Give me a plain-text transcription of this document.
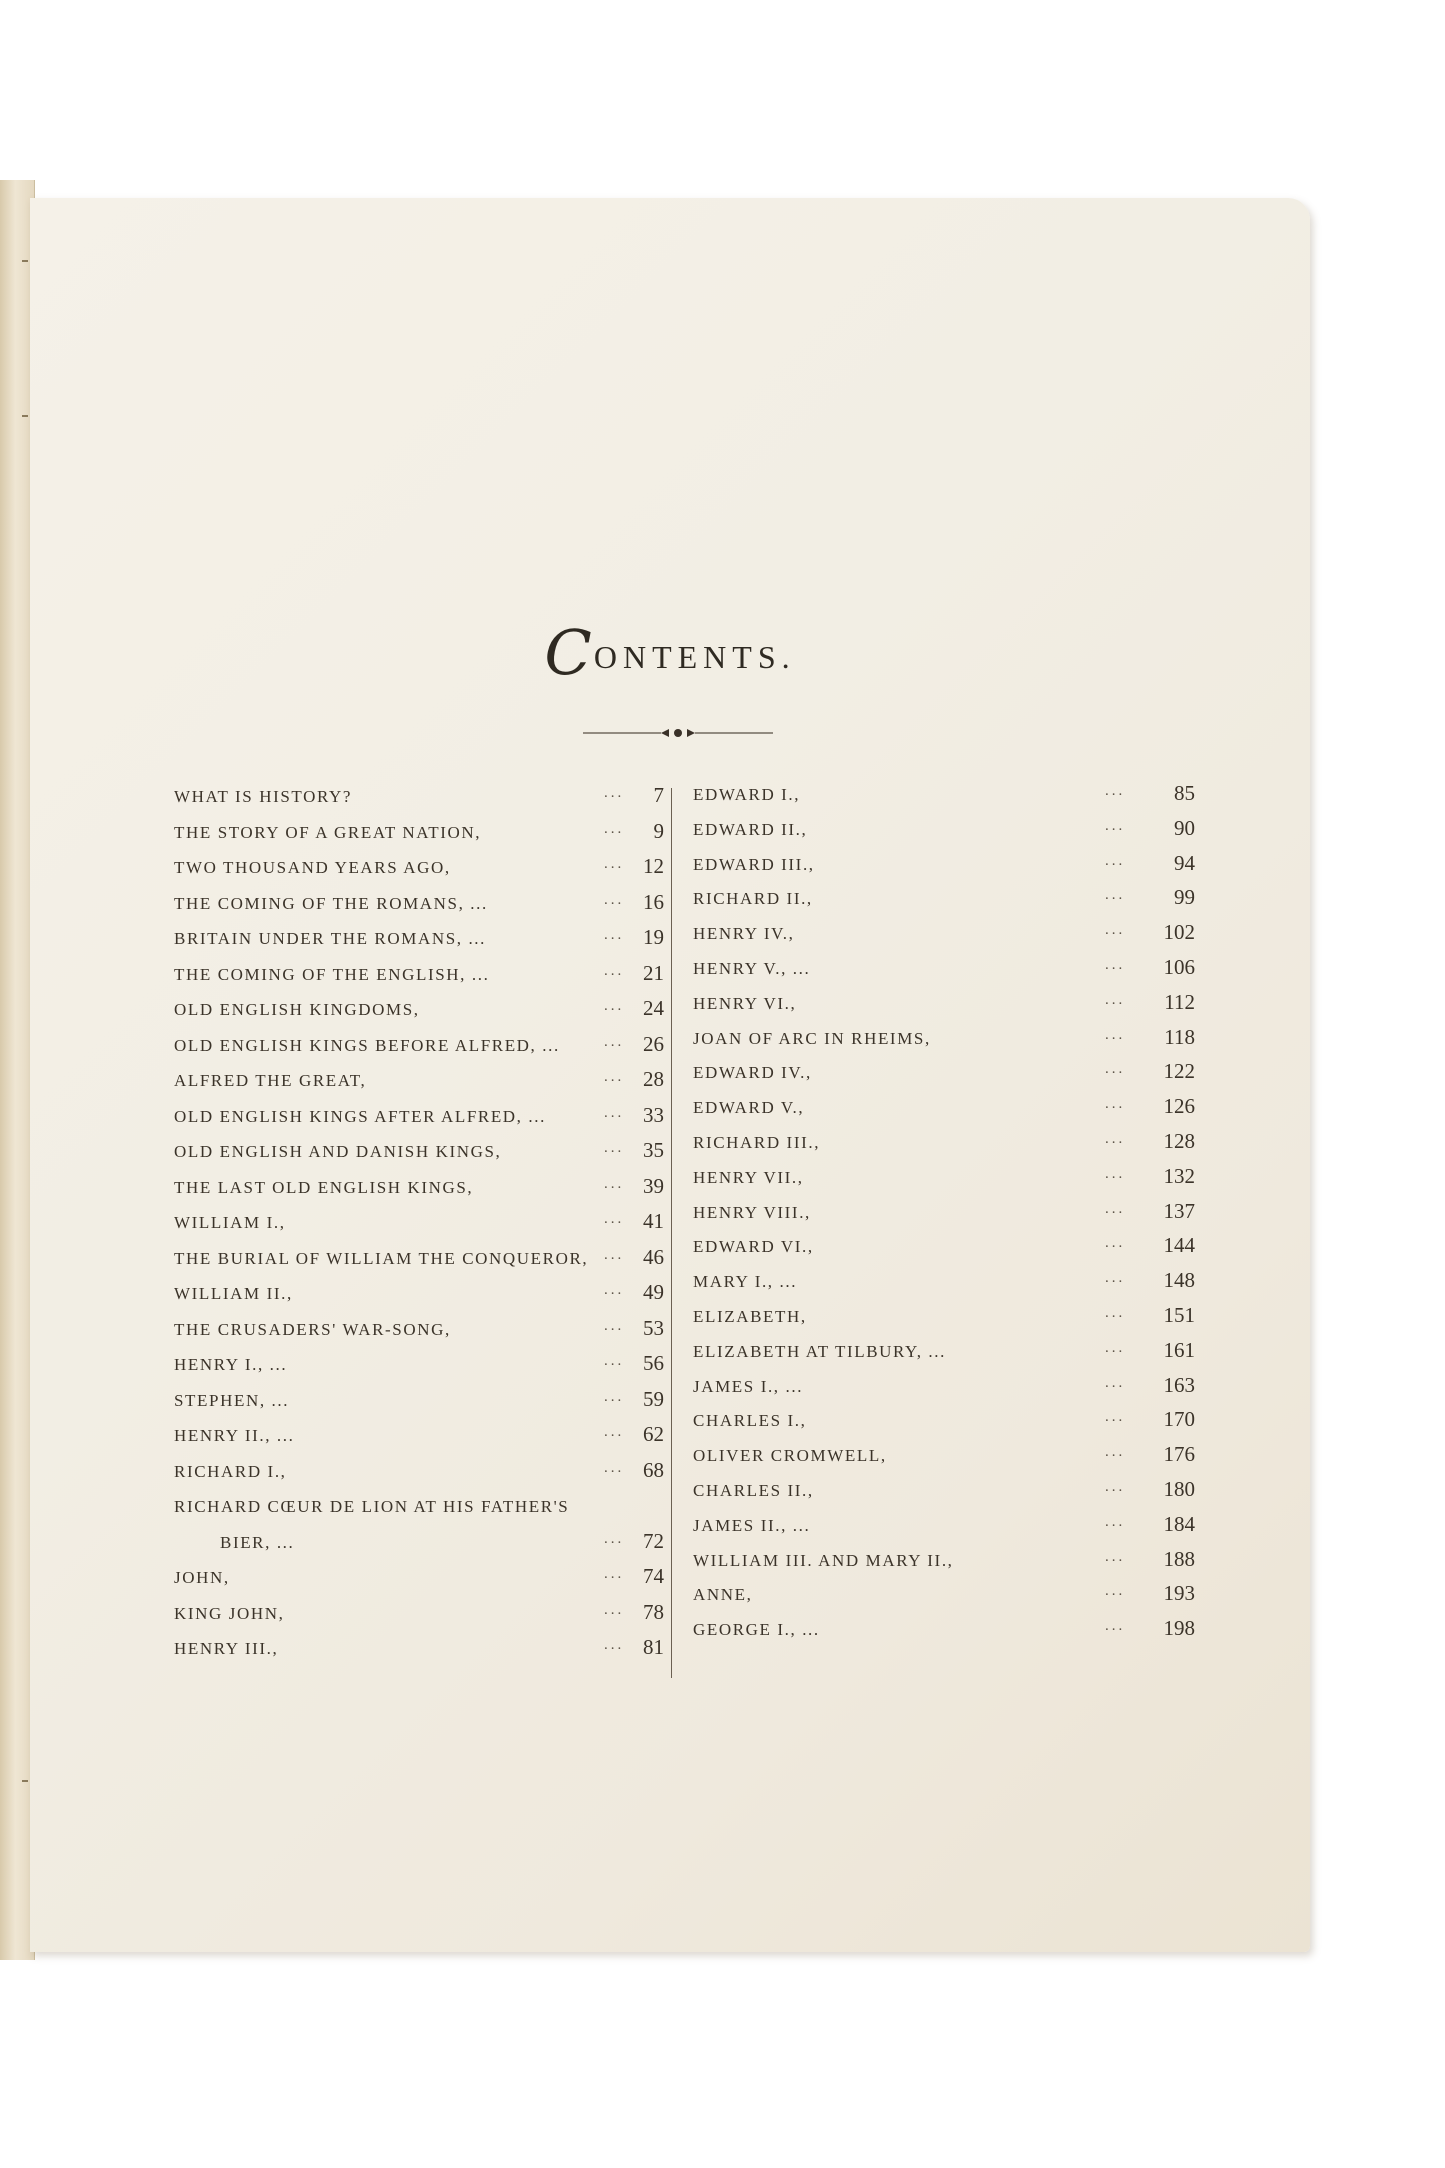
CONTENTS.
WHAT IS HISTORY?	... 7
THE STORY OF A GREAT NATION,	... 9
TWO THOUSAND YEARS AGO,	... 12
THE COMING OF THE ROMANS, ...	... 16
BRITAIN UNDER THE ROMANS, ...	... 19
THE COMING OF THE ENGLISH, ...	... 21
OLD ENGLISH KINGDOMS,	... 24
OLD ENGLISH KINGS BEFORE ALFRED, ...	... 26
ALFRED THE GREAT,	... 28
OLD ENGLISH KINGS AFTER ALFRED, ...	... 33
OLD ENGLISH AND DANISH KINGS,	... 35
THE LAST OLD ENGLISH KINGS,	... 39
WILLIAM I.,	... 41
THE BURIAL OF WILLIAM THE CONQUEROR, ... 46
WILLIAM II.,	... 49
THE CRUSADERS' WAR-SONG,	... 53
HENRY I., ...	... 56
STEPHEN, ...	... 59
HENRY II., ...	... 62
RICHARD I.,	... 68
RICHARD CŒUR DE LION AT HIS FATHER'S
BIER, ...	... 72
JOHN,	... 74
KING JOHN,	... 78
HENRY III.,	... 81
EDWARD I.,	... 85
EDWARD II.,	... 90
EDWARD III.,	... 94
RICHARD II.,	... 99
HENRY IV.,	... 102
HENRY V., ...	... 106
HENRY VI.,	... 112
JOAN OF ARC IN RHEIMS,	... 118
EDWARD IV.,	... 122
EDWARD V.,	... 126
RICHARD III.,	... 128
HENRY VII.,	... 132
HENRY VIII.,	... 137
EDWARD VI.,	... 144
MARY I., ...	... 148
ELIZABETH,	... 151
ELIZABETH AT TILBURY, ...	... 161
JAMES I., ...	... 163
CHARLES I.,	... 170
OLIVER CROMWELL,	... 176
CHARLES II.,	... 180
JAMES II., ...	... 184
WILLIAM III. AND MARY II.,	... 188
ANNE,	... 193
GEORGE I., ...	... 198
